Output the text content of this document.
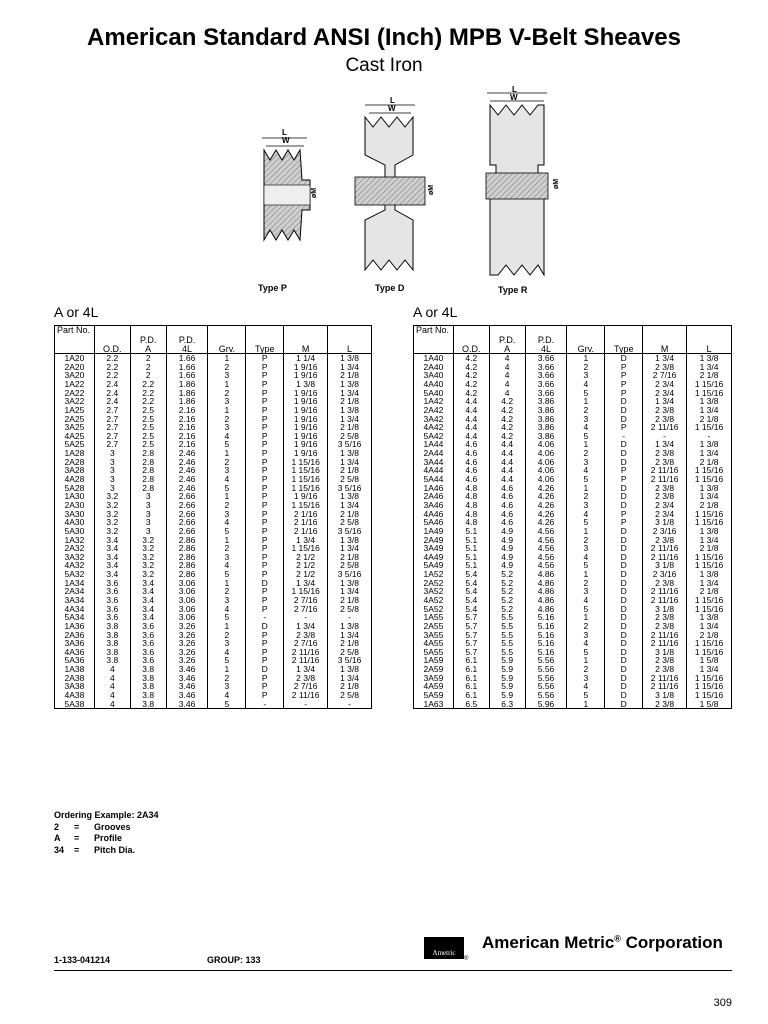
American Standard ANSI (Inch) MPB V-Belt Sheaves
Cast Iron
L
W
øM
Type P
L
W
øM
Type D
L
W
øM
Type R
A or 4L	A or 4L
Part No.	O.D.	P.D.
A	P.D.
4L	Grv.	Type	M	L
1A20	2.2	2	1.66	1	P	1 1/4	1 3/8
2A20	2.2	2	1.66	2	P	1 9/16	1 3/4
3A20	2.2	2	1.66	3	P	1 9/16	2 1/8
1A22	2.4	2.2	1.86	1	P	1 3/8	1 3/8
2A22	2.4	2.2	1.86	2	P	1 9/16	1 3/4
3A22	2.4	2.2	1.86	3	P	1 9/16	2 1/8
1A25	2.7	2.5	2.16	1	P	1 9/16	1 3/8
2A25	2.7	2.5	2.16	2	P	1 9/16	1 3/4
3A25	2.7	2.5	2.16	3	P	1 9/16	2 1/8
4A25	2.7	2.5	2.16	4	P	1 9/16	2 5/8
5A25	2.7	2.5	2.16	5	P	1 9/16	3 5/16
1A28	3	2.8	2.46	1	P	1 9/16	1 3/8
2A28	3	2.8	2.46	2	P	1 15/16	1 3/4
3A28	3	2.8	2.46	3	P	1 15/16	2 1/8
4A28	3	2.8	2.46	4	P	1 15/16	2 5/8
5A28	3	2.8	2.46	5	P	1 15/16	3 5/16
1A30	3.2	3	2.66	1	P	1 9/16	1 3/8
2A30	3.2	3	2.66	2	P	1 15/16	1 3/4
3A30	3.2	3	2.66	3	P	2 1/16	2 1/8
4A30	3.2	3	2.66	4	P	2 1/16	2 5/8
5A30	3.2	3	2.66	5	P	2 1/16	3 5/16
1A32	3.4	3.2	2.86	1	P	1 3/4	1 3/8
2A32	3.4	3.2	2.86	2	P	1 15/16	1 3/4
3A32	3.4	3.2	2.86	3	P	2 1/2	2 1/8
4A32	3.4	3.2	2.86	4	P	2 1/2	2 5/8
5A32	3.4	3.2	2.86	5	P	2 1/2	3 5/16
1A34	3.6	3.4	3.06	1	D	1 3/4	1 3/8
2A34	3.6	3.4	3.06	2	P	1 15/16	1 3/4
3A34	3.6	3.4	3.06	3	P	2 7/16	2 1/8
4A34	3.6	3.4	3.06	4	P	2 7/16	2 5/8
5A34	3.6	3.4	3.06	5	-	-	-
1A36	3.8	3.6	3.26	1	D	1 3/4	1 3/8
2A36	3.8	3.6	3.26	2	P	2 3/8	1 3/4
3A36	3.8	3.6	3.26	3	P	2 7/16	2 1/8
4A36	3.8	3.6	3.26	4	P	2 11/16	2 5/8
5A36	3.8	3.6	3.26	5	P	2 11/16	3 5/16
1A38	4	3.8	3.46	1	D	1 3/4	1 3/8
2A38	4	3.8	3.46	2	P	2 3/8	1 3/4
3A38	4	3.8	3.46	3	P	2 7/16	2 1/8
4A38	4	3.8	3.46	4	P	2 11/16	2 5/8
5A38	4	3.8	3.46	5	-	-	-
Part No.	O.D.	P.D.
A	P.D.
4L	Grv.	Type	M	L
1A40	4.2	4	3.66	1	D	1 3/4	1 3/8
2A40	4.2	4	3.66	2	P	2 3/8	1 3/4
3A40	4.2	4	3.66	3	P	2 7/16	2 1/8
4A40	4.2	4	3.66	4	P	2 3/4	1 15/16
5A40	4.2	4	3.66	5	P	2 3/4	1 15/16
1A42	4.4	4.2	3.86	1	D	1 3/4	1 3/8
2A42	4.4	4.2	3.86	2	D	2 3/8	1 3/4
3A42	4.4	4.2	3.86	3	D	2 3/8	2 1/8
4A42	4.4	4.2	3.86	4	P	2 11/16	1 15/16
5A42	4.4	4.2	3.86	5	-	-	-
1A44	4.6	4.4	4.06	1	D	1 3/4	1 3/8
2A44	4.6	4.4	4.06	2	D	2 3/8	1 3/4
3A44	4.6	4.4	4.06	3	D	2 3/8	2 1/8
4A44	4.6	4.4	4.06	4	P	2 11/16	1 15/16
5A44	4.6	4.4	4.06	5	P	2 11/16	1 15/16
1A46	4.8	4.6	4.26	1	D	2 3/8	1 3/8
2A46	4.8	4.6	4.26	2	D	2 3/8	1 3/4
3A46	4.8	4.6	4.26	3	D	2 3/4	2 1/8
4A46	4.8	4.6	4.26	4	P	2 3/4	1 15/16
5A46	4.8	4.6	4.26	5	P	3 1/8	1 15/16
1A49	5.1	4.9	4.56	1	D	2 3/16	1 3/8
2A49	5.1	4.9	4.56	2	D	2 3/8	1 3/4
3A49	5.1	4.9	4.56	3	D	2 11/16	2 1/8
4A49	5.1	4.9	4.56	4	D	2 11/16	1 15/16
5A49	5.1	4.9	4.56	5	D	3 1/8	1 15/16
1A52	5.4	5.2	4.86	1	D	2 3/16	1 3/8
2A52	5.4	5.2	4.86	2	D	2 3/8	1 3/4
3A52	5.4	5.2	4.86	3	D	2 11/16	2 1/8
4A52	5.4	5.2	4.86	4	D	2 11/16	1 15/16
5A52	5.4	5.2	4.86	5	D	3 1/8	1 15/16
1A55	5.7	5.5	5.16	1	D	2 3/8	1 3/8
2A55	5.7	5.5	5.16	2	D	2 3/8	1 3/4
3A55	5.7	5.5	5.16	3	D	2 11/16	2 1/8
4A55	5.7	5.5	5.16	4	D	2 11/16	1 15/16
5A55	5.7	5.5	5.16	5	D	3 1/8	1 15/16
1A59	6.1	5.9	5.56	1	D	2 3/8	1 5/8
2A59	6.1	5.9	5.56	2	D	2 3/8	1 3/4
3A59	6.1	5.9	5.56	3	D	2 11/16	1 15/16
4A59	6.1	5.9	5.56	4	D	2 11/16	1 15/16
5A59	6.1	5.9	5.56	5	D	3 1/8	1 15/16
1A63	6.5	6.3	5.96	1	D	2 3/8	1 5/8
Ordering Example: 2A34
2 = Grooves
A = Profile
34 = Pitch Dia.
1-133-041214	GROUP: 133
Ametric
®
American Metric® Corporation
309
